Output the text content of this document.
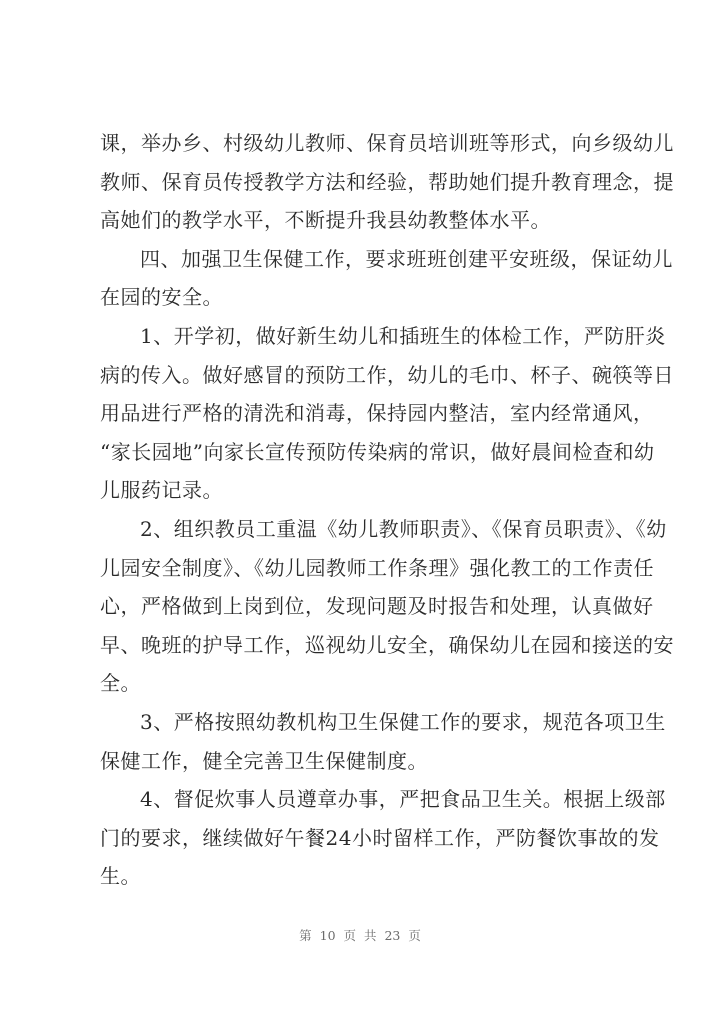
课，举办乡、村级幼儿教师、保育员培训班等形式，向乡级幼儿
教师、保育员传授教学方法和经验，帮助她们提升教育理念，提
高她们的教学水平，不断提升我县幼教整体水平。
四、加强卫生保健工作，要求班班创建平安班级，保证幼儿
在园的安全。
1、开学初，做好新生幼儿和插班生的体检工作，严防肝炎
病的传入。做好感冒的预防工作，幼儿的毛巾、杯子、碗筷等日
用品进行严格的清洗和消毒，保持园内整洁，室内经常通风，
“家长园地”向家长宣传预防传染病的常识，做好晨间检查和幼
儿服药记录。
2、组织教员工重温《幼儿教师职责》、《保育员职责》、《幼
儿园安全制度》、《幼儿园教师工作条理》强化教工的工作责任
心，严格做到上岗到位，发现问题及时报告和处理，认真做好
早、晚班的护导工作，巡视幼儿安全，确保幼儿在园和接送的安
全。
3、严格按照幼教机构卫生保健工作的要求，规范各项卫生
保健工作，健全完善卫生保健制度。
4、督促炊事人员遵章办事，严把食品卫生关。根据上级部
门的要求，继续做好午餐24小时留样工作，严防餐饮事故的发
生。
第 10 页 共 23 页
